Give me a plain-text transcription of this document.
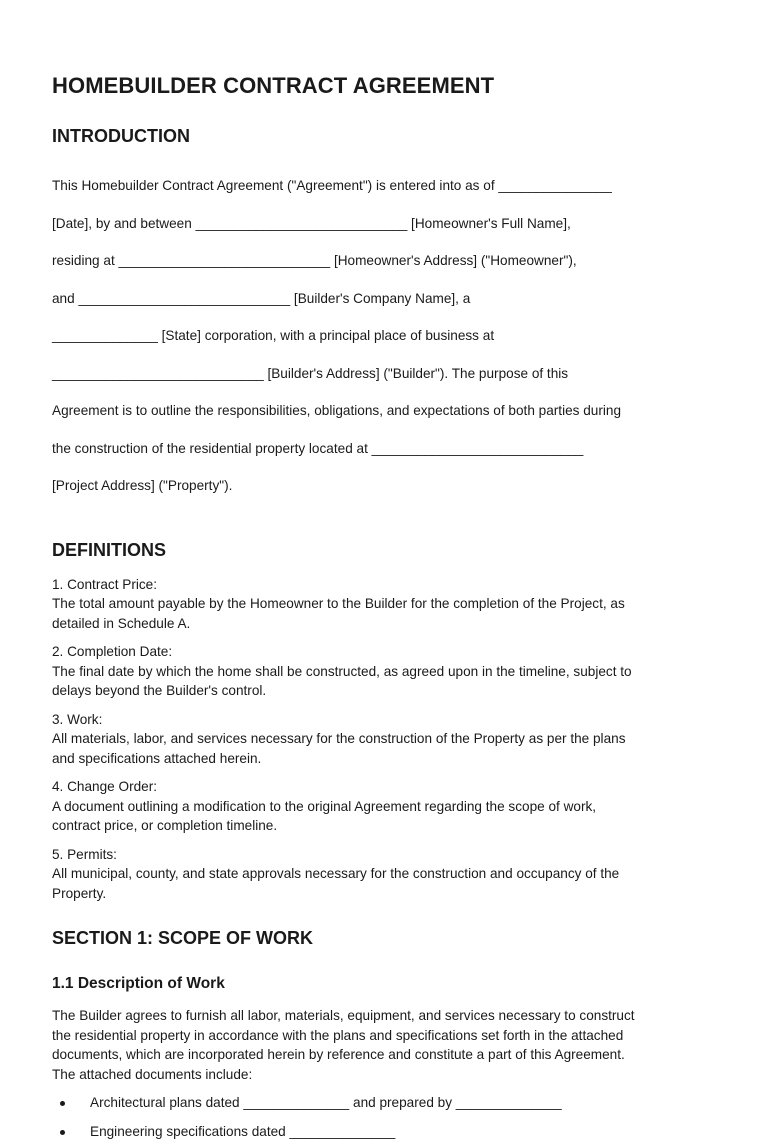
HOMEBUILDER CONTRACT AGREEMENT
INTRODUCTION

This Homebuilder Contract Agreement ("Agreement") is entered into as of _______________

[Date], by and between ____________________________ [Homeowner's Full Name],

residing at ____________________________ [Homeowner's Address] ("Homeowner"),

and ____________________________ [Builder's Company Name], a

______________ [State] corporation, with a principal place of business at

____________________________ [Builder's Address] ("Builder"). The purpose of this

Agreement is to outline the responsibilities, obligations, and expectations of both parties during

the construction of the residential property located at ____________________________

[Project Address] ("Property").

DEFINITIONS

1. Contract Price:

The total amount payable by the Homeowner to the Builder for the completion of the Project, as

detailed in Schedule A.

2. Completion Date:

The final date by which the home shall be constructed, as agreed upon in the timeline, subject to

delays beyond the Builder's control.

3. Work:

All materials, labor, and services necessary for the construction of the Property as per the plans

and specifications attached herein.

4. Change Order:

A document outlining a modification to the original Agreement regarding the scope of work,

contract price, or completion timeline.

5. Permits:

All municipal, county, and state approvals necessary for the construction and occupancy of the

Property.

SECTION 1: SCOPE OF WORK
1.1 Description of Work

The Builder agrees to furnish all labor, materials, equipment, and services necessary to construct

the residential property in accordance with the plans and specifications set forth in the attached

documents, which are incorporated herein by reference and constitute a part of this Agreement.

The attached documents include:

Architectural plans dated ______________ and prepared by ______________
Engineering specifications dated ______________
